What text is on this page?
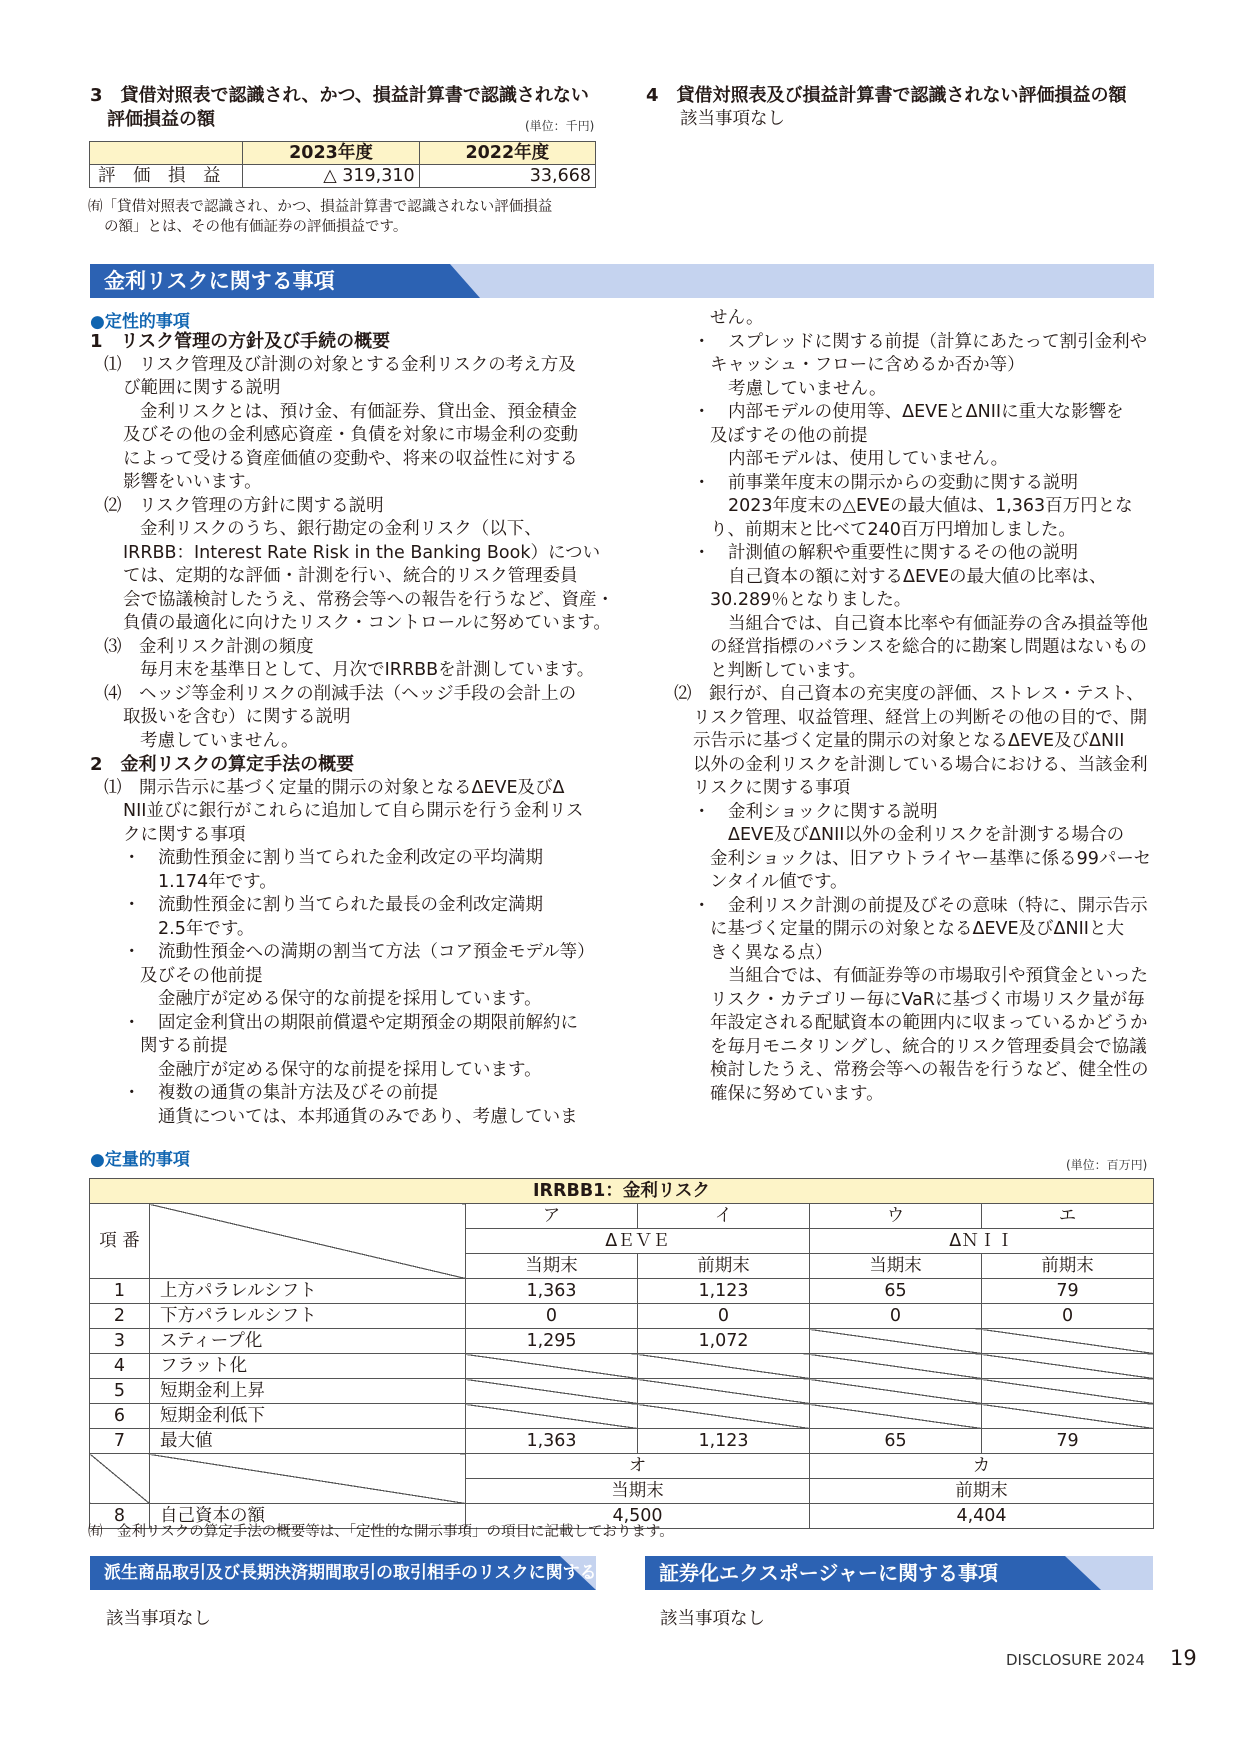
3　貸借対照表で認識され、かつ、損益計算書で認識されない
評価損益の額	(単位：千円)
	2023年度	2022年度
評　価　損　益	△ 319,310	33,668
㈲「貸借対照表で認識され、かつ、損益計算書で認識されない評価損益
の額」とは、その他有価証券の評価損益です。
4　貸借対照表及び損益計算書で認識されない評価損益の額
該当事項なし
金利リスクに関する事項
●定性的事項
1　リスク管理の方針及び手続の概要
⑴　リスク管理及び計測の対象とする金利リスクの考え方及
び範囲に関する説明
金利リスクとは、預け金、有価証券、貸出金、預金積金
及びその他の金利感応資産・負債を対象に市場金利の変動
によって受ける資産価値の変動や、将来の収益性に対する
影響をいいます。
⑵　リスク管理の方針に関する説明
金利リスクのうち、銀行勘定の金利リスク（以下、
IRRBB：Interest Rate Risk in the Banking Book）につい
ては、定期的な評価・計測を行い、統合的リスク管理委員
会で協議検討したうえ、常務会等への報告を行うなど、資産・
負債の最適化に向けたリスク・コントロールに努めています。
⑶　金利リスク計測の頻度
毎月末を基準日として、月次でIRRBBを計測しています。
⑷　ヘッジ等金利リスクの削減手法（ヘッジ手段の会計上の
取扱いを含む）に関する説明
考慮していません。
2　金利リスクの算定手法の概要
⑴　開示告示に基づく定量的開示の対象となるΔEVE及びΔ
NII並びに銀行がこれらに追加して自ら開示を行う金利リス
クに関する事項
・　流動性預金に割り当てられた金利改定の平均満期
1.174年です。
・　流動性預金に割り当てられた最長の金利改定満期
2.5年です。
・　流動性預金への満期の割当て方法（コア預金モデル等）
及びその他前提
金融庁が定める保守的な前提を採用しています。
・　固定金利貸出の期限前償還や定期預金の期限前解約に
関する前提
金融庁が定める保守的な前提を採用しています。
・　複数の通貨の集計方法及びその前提
通貨については、本邦通貨のみであり、考慮していま
せん。
・　スプレッドに関する前提（計算にあたって割引金利や
キャッシュ・フローに含めるか否か等）
考慮していません。
・　内部モデルの使用等、ΔEVEとΔNIIに重大な影響を
及ぼすその他の前提
内部モデルは、使用していません。
・　前事業年度末の開示からの変動に関する説明
2023年度末の△EVEの最大値は、1,363百万円とな
り、前期末と比べて240百万円増加しました。
・　計測値の解釈や重要性に関するその他の説明
自己資本の額に対するΔEVEの最大値の比率は、
30.289％となりました。
当組合では、自己資本比率や有価証券の含み損益等他
の経営指標のバランスを総合的に勘案し問題はないもの
と判断しています。
⑵　銀行が、自己資本の充実度の評価、ストレス・テスト、
リスク管理、収益管理、経営上の判断その他の目的で、開
示告示に基づく定量的開示の対象となるΔEVE及びΔNII
以外の金利リスクを計測している場合における、当該金利
リスクに関する事項
・　金利ショックに関する説明
ΔEVE及びΔNII以外の金利リスクを計測する場合の
金利ショックは、旧アウトライヤー基準に係る99パーセ
ンタイル値です。
・　金利リスク計測の前提及びその意味（特に、開示告示
に基づく定量的開示の対象となるΔEVE及びΔNIIと大
きく異なる点）
当組合では、有価証券等の市場取引や預貸金といった
リスク・カテゴリー毎にVaRに基づく市場リスク量が毎
年設定される配賦資本の範囲内に収まっているかどうか
を毎月モニタリングし、統合的リスク管理委員会で協議
検討したうえ、常務会等への報告を行うなど、健全性の
確保に努めています。
●定量的事項	(単位：百万円)
IRRBB1：金利リスク					
項 番		ア	イ	ウ	エ
		ΔＥＶＥ		ΔＮＩＩ	
		当期末	前期末	当期末	前期末
1	上方パラレルシフト	1,363	1,123	65	79
2	下方パラレルシフト	0	0	0	0
3	スティープ化	1,295	1,072		
4	フラット化				
5	短期金利上昇				
6	短期金利低下				
7	最大値	1,363	1,123	65	79
		オ		カ	
		当期末		前期末	
8	自己資本の額	4,500		4,404	
㈲　金利リスクの算定手法の概要等は、「定性的な開示事項」の項目に記載しております。
派生商品取引及び長期決済期間取引の取引相手のリスクに関する事項
該当事項なし
証券化エクスポージャーに関する事項
該当事項なし
DISCLOSURE 2024 19
